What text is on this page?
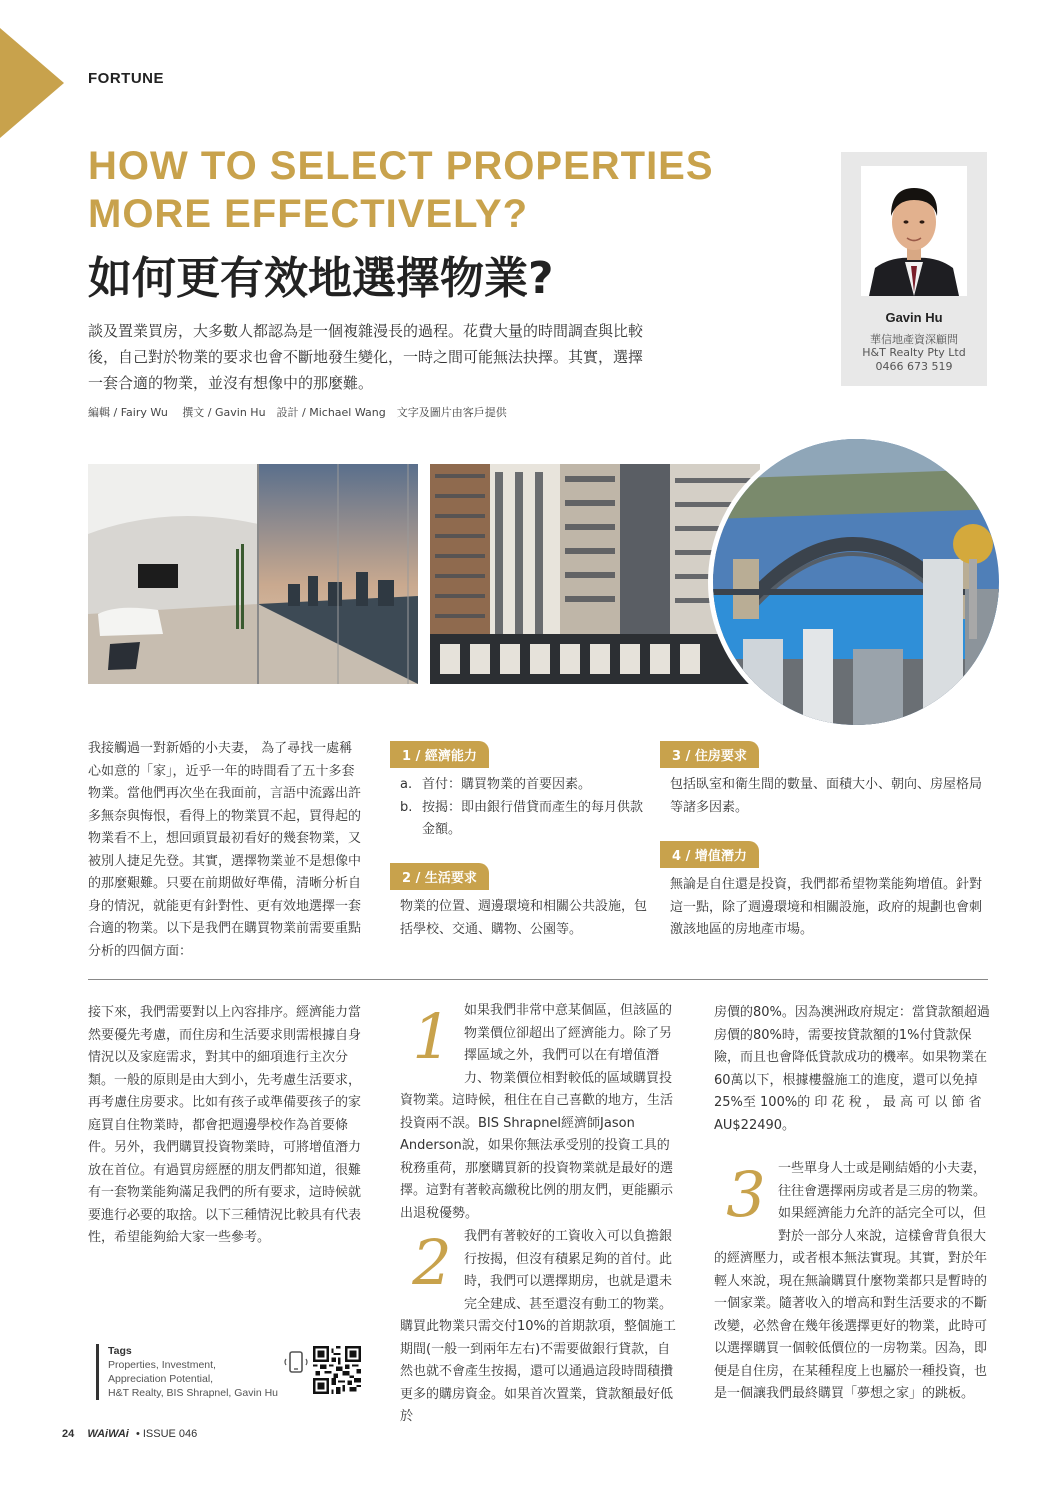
FORTUNE
HOW TO SELECT PROPERTIES
MORE EFFECTIVELY?
如何更有效地選擇物業?
談及置業買房，大多數人都認為是一個複雜漫長的過程。花費大量的時間調查與比較後，自己對於物業的要求也會不斷地發生變化，一時之間可能無法抉擇。其實，選擇一套合適的物業，並沒有想像中的那麼難。
編輯 / Fairy Wu　 撰文 / Gavin Hu　設計 / Michael Wang　文字及圖片由客戶提供
Gavin Hu
華信地產資深顧問
H&T Realty Pty Ltd
0466 673 519
我接觸過一對新婚的小夫妻， 為了尋找一處稱心如意的「家」，近乎一年的時間看了五十多套物業。當他們再次坐在我面前，言語中流露出許多無奈與悔恨，看得上的物業買不起，買得起的物業看不上，想回頭買最初看好的幾套物業，又被別人捷足先登。其實，選擇物業並不是想像中的那麼艱難。只要在前期做好準備，清晰分析自身的情況，就能更有針對性、更有效地選擇一套合適的物業。以下是我們在購買物業前需要重點分析的四個方面：
1 / 經濟能力
a. 首付：購買物業的首要因素。
b. 按揭：即由銀行借貸而產生的每月供款金額。
2 / 生活要求
物業的位置、週邊環境和相關公共設施，包括學校、交通、購物、公園等。
3 / 住房要求
包括臥室和衛生間的數量、面積大小、朝向、房屋格局等諸多因素。
4 / 增值潛力
無論是自住還是投資，我們都希望物業能夠增值。針對這一點，除了週邊環境和相關設施，政府的規劃也會刺激該地區的房地產市場。
接下來，我們需要對以上內容排序。經濟能力當然要優先考慮，而住房和生活要求則需根據自身情況以及家庭需求，對其中的細項進行主次分類。一般的原則是由大到小，先考慮生活要求，再考慮住房要求。比如有孩子或準備要孩子的家庭買自住物業時，都會把週邊學校作為首要條件。另外，我們購買投資物業時，可將增值潛力放在首位。有過買房經歷的朋友們都知道，很難有一套物業能夠滿足我們的所有要求，這時候就要進行必要的取捨。以下三種情況比較具有代表性，希望能夠給大家一些參考。
1 如果我們非常中意某個區，但該區的物業價位卻超出了經濟能力。除了另擇區域之外，我們可以在有增值潛力、物業價位相對較低的區域購買投資物業。這時候，租住在自己喜歡的地方，生活投資兩不誤。BIS Shrapnel經濟師Jason Anderson說，如果你無法承受別的投資工具的稅務重荷，那麼購買新的投資物業就是最好的選擇。這對有著較高繳稅比例的朋友們，更能顯示出退稅優勢。
2 我們有著較好的工資收入可以負擔銀行按揭，但沒有積累足夠的首付。此時，我們可以選擇期房，也就是還未完全建成、甚至還沒有動工的物業。購買此物業只需交付10%的首期款項，整個施工期間(一般一到兩年左右)不需要做銀行貸款，自然也就不會產生按揭，還可以通過這段時間積攢更多的購房資金。如果首次置業，貸款額最好低於
房價的80%。因為澳洲政府規定：當貸款額超過房價的80%時，需要按貸款額的1%付貸款保險，而且也會降低貸款成功的機率。如果物業在60萬以下，根據樓盤施工的進度，還可以免掉25%至 100%的 印 花 稅 ， 最 高 可 以 節 省 AU$22490。
3 一些單身人士或是剛結婚的小夫妻，往往會選擇兩房或者是三房的物業。如果經濟能力允許的話完全可以，但對於一部分人來說，這樣會背負很大的經濟壓力，或者根本無法實現。其實，對於年輕人來說，現在無論購買什麼物業都只是暫時的一個家業。隨著收入的增高和對生活要求的不斷改變，必然會在幾年後選擇更好的物業，此時可以選擇購買一個較低價位的一房物業。因為，即便是自住房，在某種程度上也屬於一種投資，也是一個讓我們最終購買「夢想之家」的跳板。
Tags
Properties, Investment,
Appreciation Potential,
H&T Realty, BIS Shrapnel, Gavin Hu
24 WAiWAi • ISSUE 046
